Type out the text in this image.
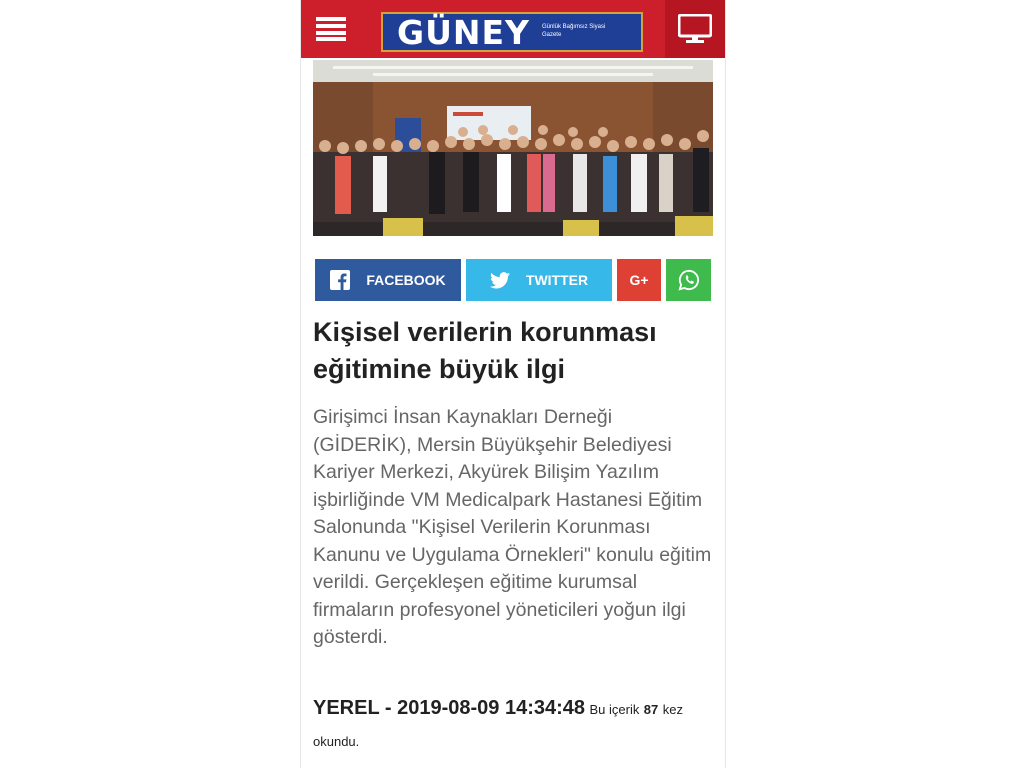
GÜNEY Günlük Bağımsız Siyasi Gazete
FACEBOOK	TWITTER	G+
Kişisel verilerin korunması eğitimine büyük ilgi

Girişimci İnsan Kaynakları Derneği (GİDERİK), Mersin Büyükşehir Belediyesi Kariyer Merkezi, Akyürek Bilişim Yazılım işbirliğinde VM Medicalpark Hastanesi Eğitim Salonunda "Kişisel Verilerin Korunması Kanunu ve Uygulama Örnekleri" konulu eğitim verildi. Gerçekleşen eğitime kurumsal firmaların profesyonel yöneticileri yoğun ilgi gösterdi.

YEREL - 2019-08-09 14:34:48 Bu içerik 87 kez
okundu.
